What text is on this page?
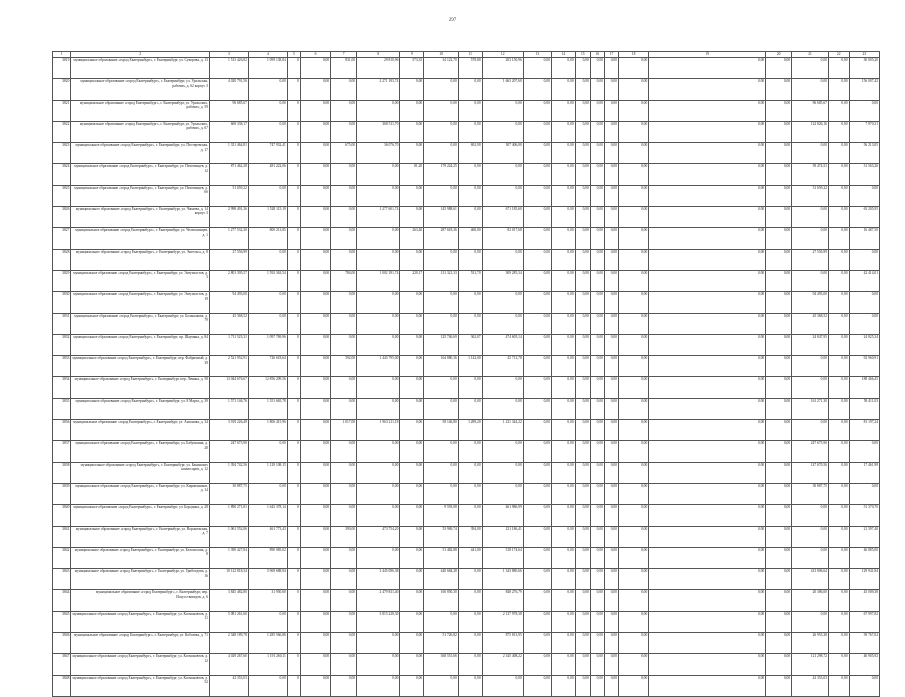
297
1	2	3	4	5	6	7	8	9	10	11	12	13	14	15	16	17	18	19	20	21	22	23
3819	муниципальное образование «город Екатеринбург», г. Екатеринбург, ул. Суворова, д. 13	1 513 426,82	1 099 138,84	0	0,00	831,00	29 810,96	573,35	34 122,70	578,80	203 150,96	0,00	0,00	0,00	0,00	0,00	0,00	0,00	0,00	0,00	0,00	30 005,20
3820	муниципальное образование «город Екатеринбург», г. Екатеринбург, ул. Уральская, рабочих, д. 62 корпус 3	4 020 791,56	0,00	0	0,00	0,00	2 271 183,74	0,00	0,00	0,00	1 663 207,60	0,00	0,00	0,00	0,00	0,00	0,00	0,00	0,00	0,00	0,00	156 007,42
3821	муниципальное образование «город Екатеринбург», г. Екатеринбург, ул. Уральских, рабочих, д. 59	96 685,67	0,00	0	0,00	0,00	0,00	0,00	0,00	0,00	0,00	0,00	0,00	0,00	0,00	0,00	0,00	0,00	0,00	96 685,67	0,00	0,00
3822	муниципальное образование «город Екатеринбург», г. Екатеринбург, ул. Уральских, рабочих, д. 67	669 338,17	0,00	0	0,00	0,00	368 511,70	0,00	0,00	0,00	0,00	0,00	0,00	0,00	0,00	0,00	0,00	0,00	0,00	122 826,16	0,00	7 970,31
3823	муниципальное образование «город Екатеринбург», г. Екатеринбург, ул. Пестеревская, д. 17	1 331 464,81	747 932,41	0	0,00	675,00	36 076,70	0,00	0,00	692,90	307 406,00	0,00	0,00	0,00	0,00	0,00	0,00	0,00	0,00	0,00	0,00	56 213,05
3824	муниципальное образование «город Екатеринбург», г. Екатеринбург, ул. Пехотинцев, д. 12	871 462,28	481 222,06	0	0,00	0,00	0,00	81,20	179 224,25	0,00	0,00	0,00	0,00	0,00	0,00	0,00	0,00	0,00	0,00	39 474,51	0,00	31 563,26
3825	муниципальное образование «город Екатеринбург», г. Екатеринбург, ул. Пехотинцев, д. 6б	51 659,22	0,00	0	0,00	0,00	0,00	0,00	0,00	0,00	0,00	0,00	0,00	0,00	0,00	0,00	0,00	0,00	0,00	51 659,22	0,00	0,00
3826	муниципальное образование «город Екатеринбург», г. Екатеринбург, ул. Чапаева, д. 14 корпус 3	2 998 491,36	1 528 115,19	0	0,00	0,00	1 277 601,74	0,00	145 988,61	0,00	671 185,60	0,00	0,00	0,00	0,00	0,00	0,00	0,00	0,00	0,00	0,00	65 205,95
3827	муниципальное образование «город Екатеринбург», г. Екатеринбург, ул. Челюскинцев, д. 1	1 277 532,30	800 213,85	0	0,00	0,00	0,00	263,40	287 618,36	460,00	82 017,68	0,00	0,00	0,00	0,00	0,00	0,00	0,00	0,00	0,00	0,00	16 487,50
3828	муниципальное образование «город Екатеринбург», г. Екатеринбург, ул. Энгельса, д. 8	27 556,99	0,00	0	0,00	0,00	0,00	0,00	0,00	0,00	0,00	0,00	0,00	0,00	0,00	0,00	0,00	0,00	0,00	27 556,99	0,00	0,00
3829	муниципальное образование «город Екатеринбург», г. Екатеринбург, ул. Энтузиастов, д. 3	2 801 395,57	1 592 363,54	0	0,00	784,00	1 002 181,74	220,17	131 321,33	531,70	309 285,34	0,00	0,00	0,00	0,00	0,00	0,00	0,00	0,00	0,00	0,00	42 414,01
3830	муниципальное образование «город Екатеринбург», г. Екатеринбург, ул. Энтузиастов, д. 19	94 493,00	0,00	0	0,00	0,00	0,00	0,00	0,00	0,00	0,00	0,00	0,00	0,00	0,00	0,00	0,00	0,00	0,00	94 493,00	0,00	0,00
3831	муниципальное образование «город Екатеринбург», г. Екатеринбург, ул. Большакова, д. 79	45 368,52	0,00	0	0,00	0,00	0,00	0,00	0,00	0,00	0,00	0,00	0,00	0,00	0,00	0,00	0,00	0,00	0,00	45 368,52	0,00	0,00
3832	муниципальное образование «город Екатеринбург», г. Екатеринбург, пр. Шаумяна, д. 84	1 711 523,31	1 097 769,96	0	0,00	0,00	0,00	0,00	125 746,69	362,07	474 605,14	0,00	0,00	0,00	0,00	0,00	0,00	0,00	0,00	24 847,95	0,00	24 825,34
3833	муниципальное образование «город Екатеринбург», г. Екатеринбург, пер. Фабричный, д. 39	2 521 952,91	726 618,64	0	0,00	592,00	1 443 795,00	0,00	164 880,36	1 142,00	45 713,78	0,00	0,00	0,00	0,00	0,00	0,00	0,00	0,00	0,00	0,00	92 960,91
3834	муниципальное образование «город Екатеринбург», г. Екатеринбург, пер. Ленина, д. 58	13 044 676,67	12 856 209,56	0	0,00	0,00	0,00	0,00	0,00	0,00	0,00	0,00	0,00	0,00	0,00	0,00	0,00	0,00	0,00	0,00	0,00	188 466,45
3835	муниципальное образование «город Екатеринбург», г. Екатеринбург, ул. 8 Марта, д. 39	1 571 146,76	1 351 665,78	0	0,00	0,00	0,00	0,00	0,00	0,00	0,00	0,00	0,00	0,00	0,00	0,00	0,00	0,00	0,00	161 271,30	0,00	58 411,03
3836	муниципальное образование «город Екатеринбург», г. Екатеринбург, ул. Антонова, д. 34	3 919 226,49	1 806 415,96	0	0,00	1 017,00	1 963 211,18	0,00	58 146,80	1 289,20	1 231 344,22	0,00	0,00	0,00	0,00	0,00	0,00	0,00	0,00	0,00	0,00	81 197,24
3837	муниципальное образование «город Екатеринбург», г. Екатеринбург, ул. Бабушкина, д. 20	247 675,90	0,00	0	0,00	0,00	0,00	0,00	0,00	0,00	0,00	0,00	0,00	0,00	0,00	0,00	0,00	0,00	0,00	247 675,90	0,00	0,00
3838	муниципальное образование «город Екатеринбург», г. Екатеринбург, ул. Бакинских комиссаров, д. 12	1 394 742,56	1 129 108,15	0	0,00	0,00	0,00	0,00	0,00	0,00	0,00	0,00	0,00	0,00	0,00	0,00	0,00	0,00	0,00	147 670,56	0,00	17 461,98
3839	муниципальное образование «город Екатеринбург», г. Екатеринбург, ул. Кирпичников, д. 14	30 887,75	0,00	0	0,00	0,00	0,00	0,00	0,00	0,00	0,00	0,00	0,00	0,00	0,00	0,00	0,00	0,00	0,00	30 887,75	0,00	0,00
3840	муниципальное образование «город Екатеринбург», г. Екатеринбург, ул. Бородина, д. 28	1 890 271,81	1 643 378,14	0	0,00	0,00	0,00	0,00	9 593,08	0,00	461 986,99	0,00	0,00	0,00	0,00	0,00	0,00	0,00	0,00	0,00	0,00	51 370,70
3841	муниципальное образование «город Екатеринбург», г. Екатеринбург, ул. Воронежская, д. 7	1 061 552,06	461 773,43	0	0,00	390,00	473 754,20	0,00	53 969,74	394,00	231 186,41	0,00	0,00	0,00	0,00	0,00	0,00	0,00	0,00	0,00	0,00	21 397,40
3842	муниципальное образование «город Екатеринбург», г. Екатеринбург, ул. Белоносова, д. 8	1 390 427,84	890 085,02	0	0,00	0,00	0,00	0,00	51 482,88	441,00	318 174,64	0,00	0,00	0,00	0,00	0,00	0,00	0,00	0,00	0,00	0,00	46 885,00
3843	муниципальное образование «город Екатеринбург», г. Екатеринбург, ул. Грибоедова, д. 16	10 122 818,34	5 969 688,94	0	0,00	0,00	3 445 086,38	0,00	440 684,28	0,00	1 343 880,66	0,00	0,00	0,00	0,00	0,00	0,00	0,00	0,00	413 806,64	0,00	129 941,84
3844	муниципальное образование «город Екатеринбург», г. Екатеринбург, пер. Искусствоведов, д. 6	3 845 482,80	31 950,60	0	0,00	0,00	2 479 831,40	0,00	160 850,30	0,00	848 276,79	0,00	0,00	0,00	0,00	0,00	0,00	0,00	0,00	20 386,00	0,00	45 009,38
3845	муниципальное образование «город Екатеринбург», г. Екатеринбург, ул. Космонавтов, д. 11	5 081 261,60	0,00	0	0,00	0,00	3 815 228,30	0,00	0,00	0,00	2 137 978,38	0,00	0,00	0,00	0,00	0,00	0,00	0,00	0,00	0,00	0,00	67 997,82
3846	муниципальное образование «город Екатеринбург», г. Екатеринбург, ул. Кобозева, д. 71	2 348 189,78	1 285 566,86	0	0,00	0,00	0,00	0,00	51 726,82	0,00	875 813,95	0,00	0,00	0,00	0,00	0,00	0,00	0,00	0,00	26 953,30	0,00	39 767,02
3847	муниципальное образование «город Екатеринбург», г. Екатеринбург, ул. Космонавтов, д. 12	4 029 267,60	1 191 260,11	0	0,00	0,00	0,00	0,00	368 551,66	0,00	2 345 408,22	0,00	0,00	0,00	0,00	0,00	0,00	0,00	0,00	121 298,72	0,00	46 905,92
3848	муниципальное образование «город Екатеринбург», г. Екатеринбург, ул. Космонавтов, д. 52	42 353,03	0,00	0	0,00	0,00	0,00	0,00	0,00	0,00	0,00	0,00	0,00	0,00	0,00	0,00	0,00	0,00	0,00	42 353,03	0,00	0,00
